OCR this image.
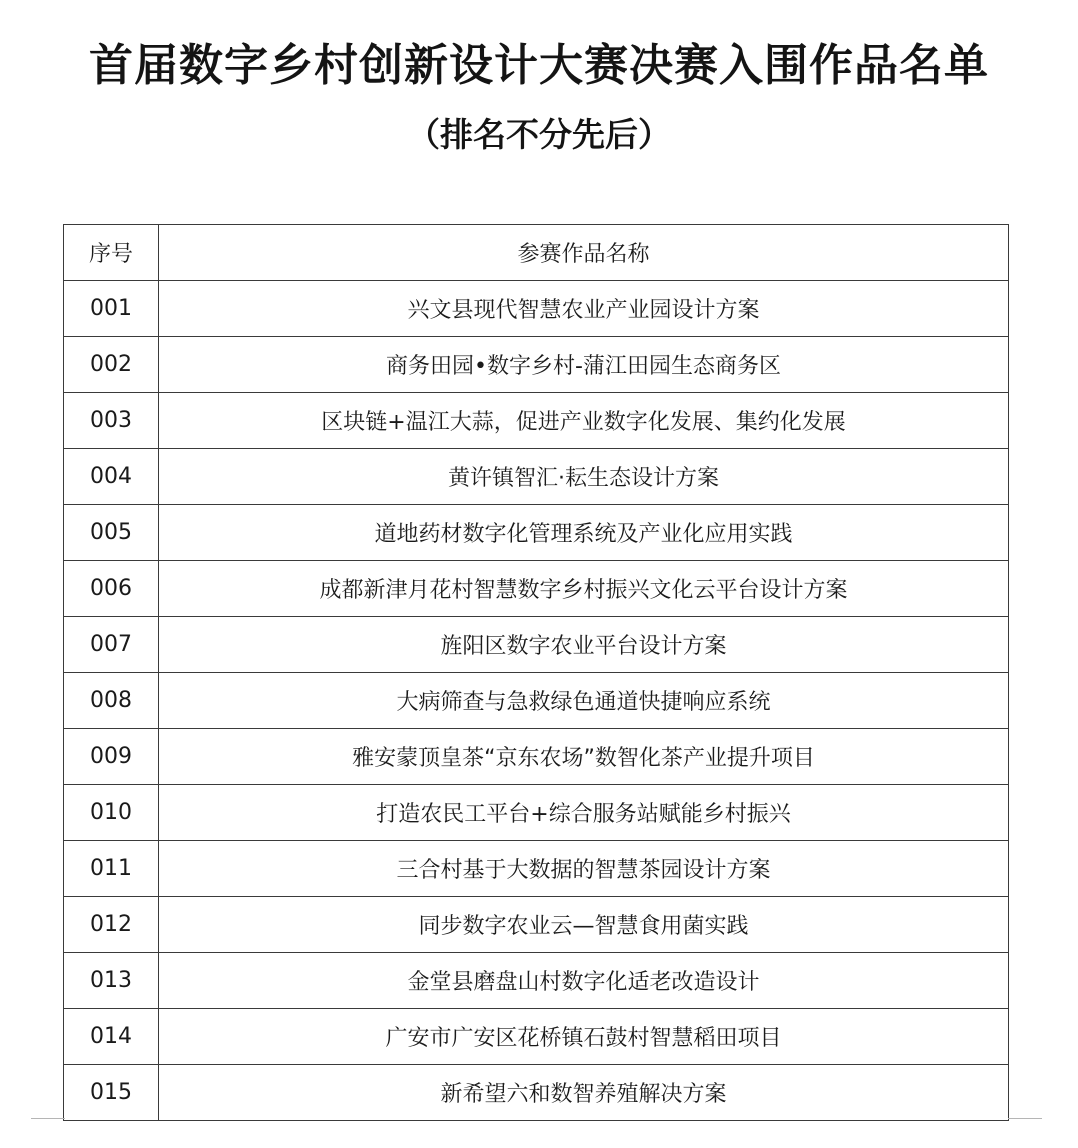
首届数字乡村创新设计大赛决赛入围作品名单
（排名不分先后）
序号	参赛作品名称
001	兴文县现代智慧农业产业园设计方案
002	商务田园•数字乡村-蒲江田园生态商务区
003	区块链+温江大蒜，促进产业数字化发展、集约化发展
004	黄许镇智汇·耘生态设计方案
005	道地药材数字化管理系统及产业化应用实践
006	成都新津月花村智慧数字乡村振兴文化云平台设计方案
007	旌阳区数字农业平台设计方案
008	大病筛查与急救绿色通道快捷响应系统
009	雅安蒙顶皇茶“京东农场”数智化茶产业提升项目
010	打造农民工平台+综合服务站赋能乡村振兴
011	三合村基于大数据的智慧茶园设计方案
012	同步数字农业云—智慧食用菌实践
013	金堂县磨盘山村数字化适老改造设计
014	广安市广安区花桥镇石鼓村智慧稻田项目
015	新希望六和数智养殖解决方案
